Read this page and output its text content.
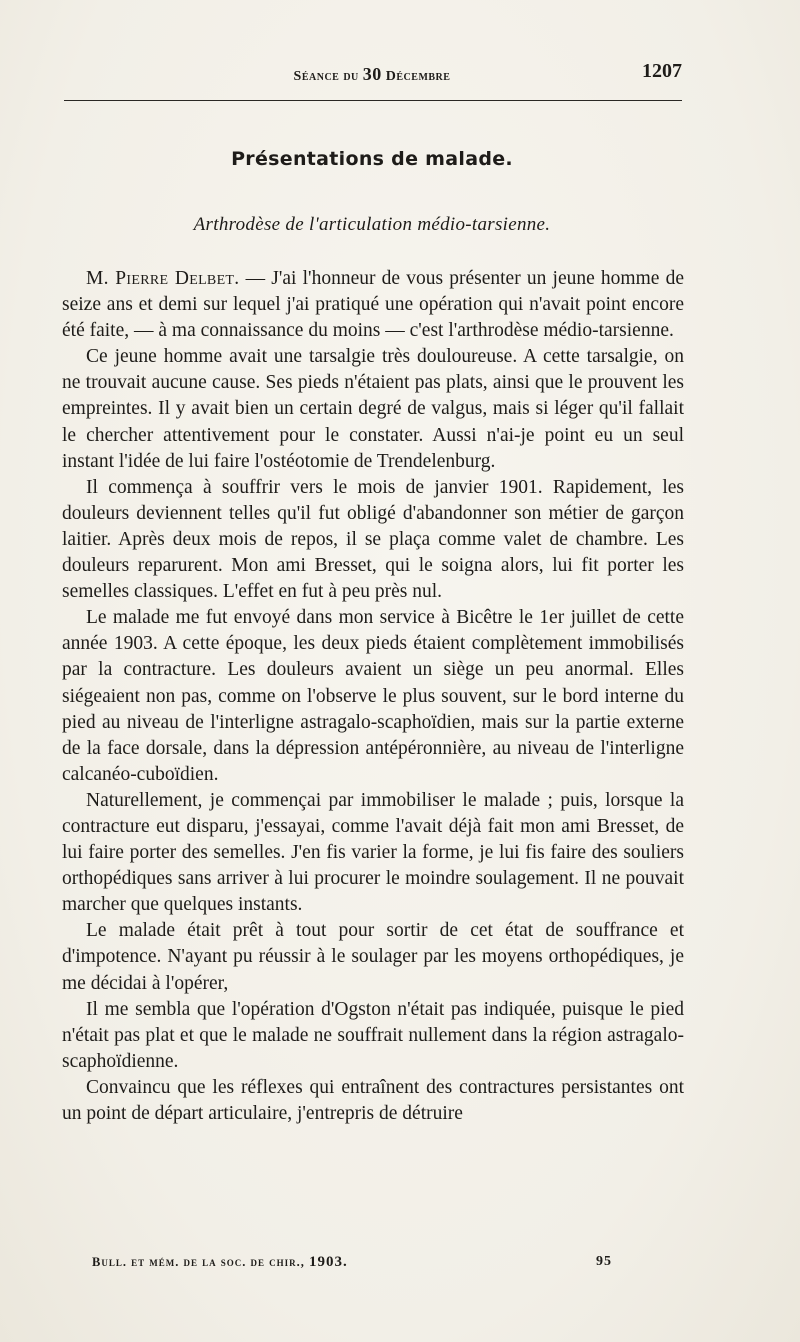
Séance du 30 Décembre	1207
Présentations de malade.
Arthrodèse de l'articulation médio-tarsienne.

M. Pierre Delbet. — J'ai l'honneur de vous présenter un jeune homme de seize ans et demi sur lequel j'ai pratiqué une opération qui n'avait point encore été faite, — à ma connaissance du moins — c'est l'arthrodèse médio-tarsienne.

Ce jeune homme avait une tarsalgie très douloureuse. A cette tarsalgie, on ne trouvait aucune cause. Ses pieds n'étaient pas plats, ainsi que le prouvent les empreintes. Il y avait bien un certain degré de valgus, mais si léger qu'il fallait le chercher attentivement pour le constater. Aussi n'ai-je point eu un seul instant l'idée de lui faire l'ostéotomie de Trendelenburg.

Il commença à souffrir vers le mois de janvier 1901. Rapidement, les douleurs deviennent telles qu'il fut obligé d'abandonner son métier de garçon laitier. Après deux mois de repos, il se plaça comme valet de chambre. Les douleurs reparurent. Mon ami Bresset, qui le soigna alors, lui fit porter les semelles classiques. L'effet en fut à peu près nul.

Le malade me fut envoyé dans mon service à Bicêtre le 1er juillet de cette année 1903. A cette époque, les deux pieds étaient complètement immobilisés par la contracture. Les douleurs avaient un siège un peu anormal. Elles siégeaient non pas, comme on l'observe le plus souvent, sur le bord interne du pied au niveau de l'interligne astragalo-scaphoïdien, mais sur la partie externe de la face dorsale, dans la dépression antépéronnière, au niveau de l'interligne calcanéo-cuboïdien.

Naturellement, je commençai par immobiliser le malade ; puis, lorsque la contracture eut disparu, j'essayai, comme l'avait déjà fait mon ami Bresset, de lui faire porter des semelles. J'en fis varier la forme, je lui fis faire des souliers orthopédiques sans arriver à lui procurer le moindre soulagement. Il ne pouvait marcher que quelques instants.

Le malade était prêt à tout pour sortir de cet état de souffrance et d'impotence. N'ayant pu réussir à le soulager par les moyens orthopédiques, je me décidai à l'opérer,

Il me sembla que l'opération d'Ogston n'était pas indiquée, puisque le pied n'était pas plat et que le malade ne souffrait nullement dans la région astragalo-scaphoïdienne.

Convaincu que les réflexes qui entraînent des contractures persistantes ont un point de départ articulaire, j'entrepris de détruire

Bull. et mém. de la soc. de chir., 1903.	95
